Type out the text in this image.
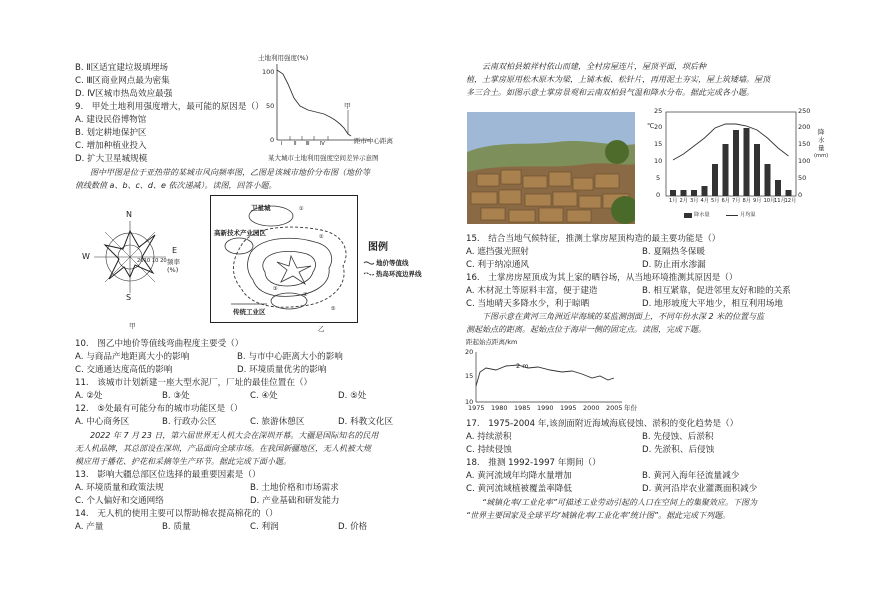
B. Ⅱ区适宜建垃圾填埋场
C. Ⅲ区商业网点最为密集
D. Ⅳ区城市热岛效应最强
9.　甲处土地利用强度增大，最可能的原因是（）
A. 建设民俗博物馆
B. 划定耕地保护区
C. 增加种植业投入
D. 扩大卫星城规模
土地利用强度(%)
100
50
0 Ⅰ Ⅱ Ⅲ Ⅳ
甲
距市中心距离
某大城市土地利用强度空间差异示意图
图中甲图是位于亚热带的某城市风向频率图，乙图是该城市地价分布图（地价等
值线数值 a、b、c、d、e 依次递减）。读图，回答小题。
N
S
W
E
2010 10 20 频率
(%)
甲
卫星城
高新技术产业园区
传统工业区
①
②
③
④
⑤
乙
图例
地价等值线
热岛环流边界线
10.　图乙中地价等值线弯曲程度主要受（）
A. 与商品产地距离大小的影响	B. 与市中心距离大小的影响
C. 交通通达度高低的影响	D. 环境质量优劣的影响
11.　该城市计划新建一座大型水泥厂，厂址的最佳位置在（）
A. ②处	B. ③处	C. ④处	D. ⑤处
12.　⑤处最有可能分布的城市功能区是（）
A. 中心商务区	B. 行政办公区	C. 旅游休憩区	D. 科教文化区
2022 年 7 月 23 日，第六届世界无人机大会在深圳开幕。大疆是国际知名的民用
无人机品牌，其总部设在深圳，产品面向全球市场。在我国新疆地区，无人机被大规
模应用于播花、护花和采摘等生产环节。据此完成下面小题。
13.　影响大疆总部区位选择的最重要因素是（）
A. 环境质量和政策法规	B. 土地价格和市场需求
C. 个人偏好和交通网络	D. 产业基础和研发能力
14.　无人机的使用主要可以帮助棉农提高棉花的（）
A. 产量	B. 质量	C. 利润	D. 价格
云南双柏县娘祥村依山而建，全村房屋连片，屋顶平面，坝后种
植，土掌房原用松木原木为梁，上铺木板、松针片，再用泥土夯实，屋上筑矮墙。屋顶
多三合土。如图示意土掌房景观和云南双柏县气温和降水分布。据此完成各小题。
℃
25
20
15
10
5
0
250
200
150
100
50
0
降
水
量
(mm)
1月 2月 3月 4月 5月 6月 7月 8月 9月 10月
11月
12月
降水量	月均温
15.　结合当地气候特征，推测土掌房屋顶构造的最主要功能是（）
A. 遮挡强光照射	B. 夏隔热冬保暖
C. 利于纳凉通风	D. 防止雨水渗漏
16.　土掌房房屋顶成为其上家的晒谷场，从当地环境推测其原因是（）
A. 木材泥土等原料丰富，便于建造	B. 相互紧靠，促进邻里友好和睦的关系
C. 当地晴天多降水少，利于晾晒	D. 地形坡度大平地少，相互利用场地
下图示意在黄河三角洲近岸海域的某监测剖面上，不同年份水深 2 米的位置与监
测起始点的距离。起始点位于海岸一侧的固定点。读图，完成下题。
距起始点距离/km
20
15
10
2 m
1975 1980 1985 1990 1995 2000 2005 年份
17.　1975-2004 年,该剖面附近海域海底侵蚀、淤积的变化趋势是（）
A. 持续淤积	B. 先侵蚀、后淤积
C. 持续侵蚀	D. 先淤积、后侵蚀
18.　推测 1992-1997 年期间（）
A. 黄河流域年均降水量增加	B. 黄河入海年径流量减少
C. 黄河流域植被覆盖率降低	D. 黄河沿岸农业灌溉面积减少
“城镇化率/工业化率”可描述工业劳动引起的人口在空间上的集聚效应。下图为
“世界主要国家及全球平均‘城镇化率/工业化率’统计图”。据此完成下列题。
